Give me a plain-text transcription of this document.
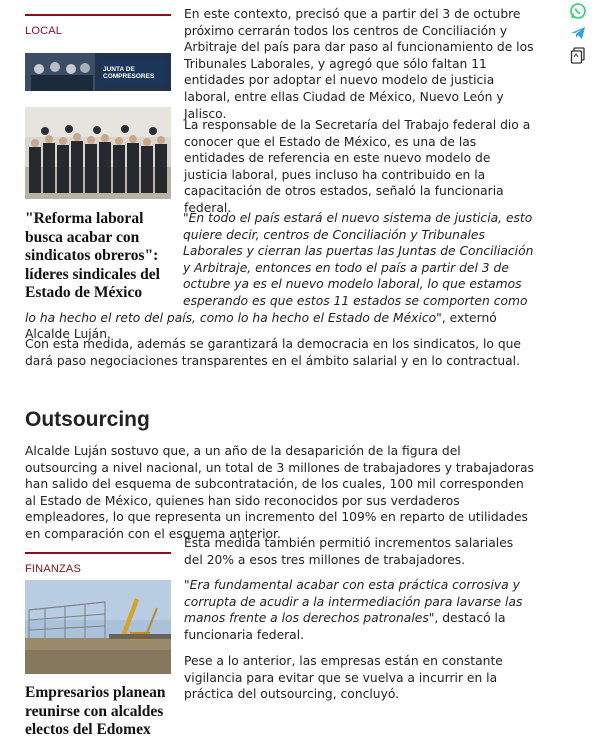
LOCAL
JUNTA DE COMPRESORES
"Reforma laboral busca acabar con sindicatos obreros": líderes sindicales del Estado de México

En este contexto, precisó que a partir del 3 de octubre próximo cerrarán todos los centros de Conciliación y Arbitraje del país para dar paso al funcionamiento de los Tribunales Laborales, y agregó que sólo faltan 11 entidades por adoptar el nuevo modelo de justicia laboral, entre ellas Ciudad de México, Nuevo León y Jalisco.

La responsable de la Secretaría del Trabajo federal dio a conocer que el Estado de México, es una de las entidades de referencia en este nuevo modelo de justicia laboral, pues incluso ha contribuido en la capacitación de otros estados, señaló la funcionaria federal.

"En todo el país estará el nuevo sistema de justicia, esto quiere decir, centros de Conciliación y Tribunales Laborales y cierran las puertas las Juntas de Conciliación y Arbitraje, entonces en todo el país a partir del 3 de octubre ya es el nuevo modelo laboral, lo que estamos esperando es que estos 11 estados se comporten como lo ha hecho el reto del país, como lo ha hecho el Estado de México", externó Alcalde Luján.

Con esta medida, además se garantizará la democracia en los sindicatos, lo que dará paso negociaciones transparentes en el ámbito salarial y en lo contractual.

Outsourcing

Alcalde Luján sostuvo que, a un año de la desaparición de la figura del outsourcing a nivel nacional, un total de 3 millones de trabajadores y trabajadoras han salido del esquema de subcontratación, de los cuales, 100 mil corresponden al Estado de México, quienes han sido reconocidos por sus verdaderos empleadores, lo que representa un incremento del 109% en reparto de utilidades en comparación con el esquema anterior.

FINANZAS
Empresarios planean reunirse con alcaldes electos del Edomex

Esta medida también permitió incrementos salariales del 20% a esos tres millones de trabajadores.

"Era fundamental acabar con esta práctica corrosiva y corrupta de acudir a la intermediación para lavarse las manos frente a los derechos patronales", destacó la funcionaria federal.

Pese a lo anterior, las empresas están en constante vigilancia para evitar que se vuelva a incurrir en la práctica del outsourcing, concluyó.
